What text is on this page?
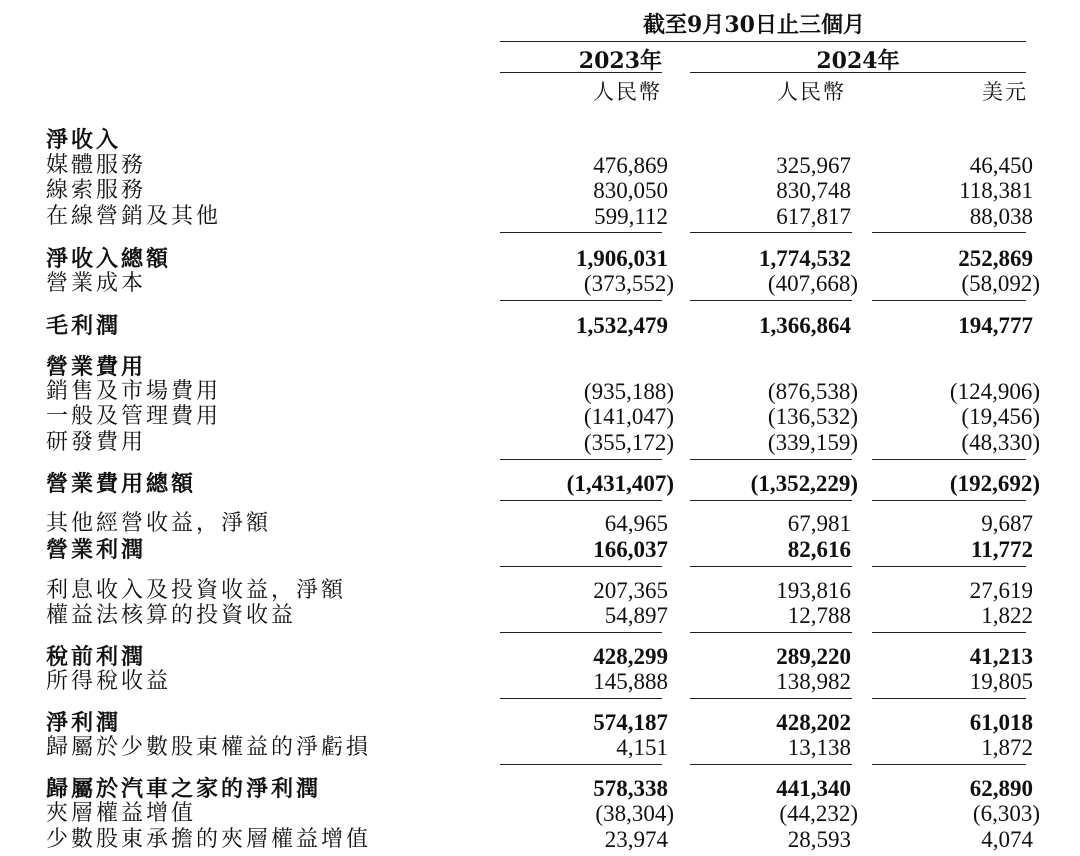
截至9月30日止三個月
2023年	2024年
人民幣	人民幣	美元
淨收入
媒體服務	476,869	325,967	46,450
線索服務	830,050	830,748	118,381
在線營銷及其他	599,112	617,817	88,038
淨收入總額	1,906,031	1,774,532	252,869
營業成本	(373,552)	(407,668)	(58,092)
毛利潤	1,532,479	1,366,864	194,777
營業費用
銷售及市場費用	(935,188)	(876,538)	(124,906)
一般及管理費用	(141,047)	(136,532)	(19,456)
研發費用	(355,172)	(339,159)	(48,330)
營業費用總額	(1,431,407)	(1,352,229)	(192,692)
其他經營收益，淨額	64,965	67,981	9,687
營業利潤	166,037	82,616	11,772
利息收入及投資收益，淨額	207,365	193,816	27,619
權益法核算的投資收益	54,897	12,788	1,822
稅前利潤	428,299	289,220	41,213
所得稅收益	145,888	138,982	19,805
淨利潤	574,187	428,202	61,018
歸屬於少數股東權益的淨虧損	4,151	13,138	1,872
歸屬於汽車之家的淨利潤	578,338	441,340	62,890
夾層權益增值	(38,304)	(44,232)	(6,303)
少數股東承擔的夾層權益增值	23,974	28,593	4,074
